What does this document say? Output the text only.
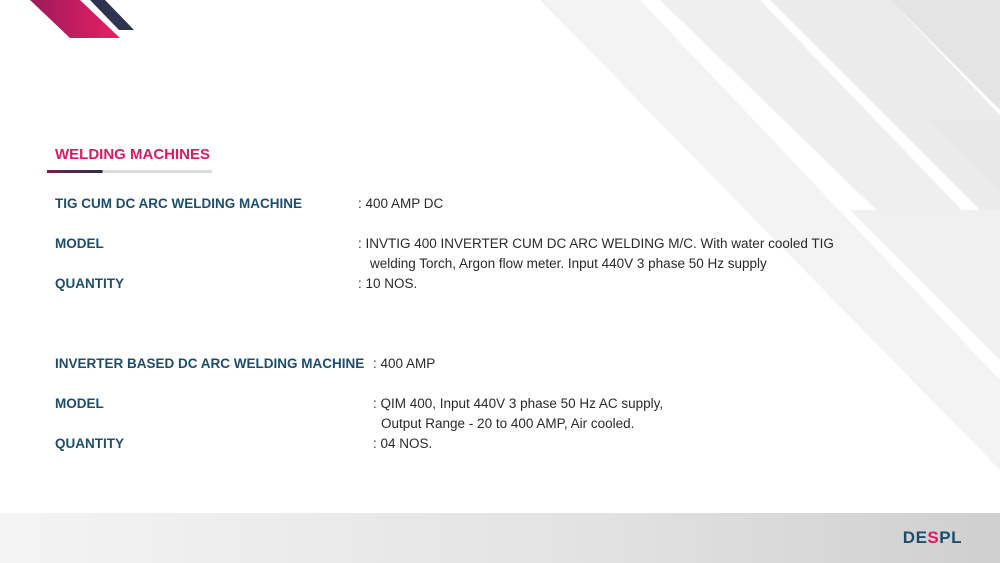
WELDING MACHINES
TIG CUM DC ARC WELDING MACHINE	: 400 AMP DC
MODEL	: INVTIG 400 INVERTER CUM DC ARC WELDING M/C. With water cooled TIG
welding Torch, Argon flow meter. Input 440V 3 phase 50 Hz supply
QUANTITY	: 10 NOS.
INVERTER BASED DC ARC WELDING MACHINE : 400 AMP
MODEL	: QIM 400, Input 440V 3 phase 50 Hz AC supply,
Output Range - 20 to 400 AMP, Air cooled.
QUANTITY	: 04 NOS.
DESPL
